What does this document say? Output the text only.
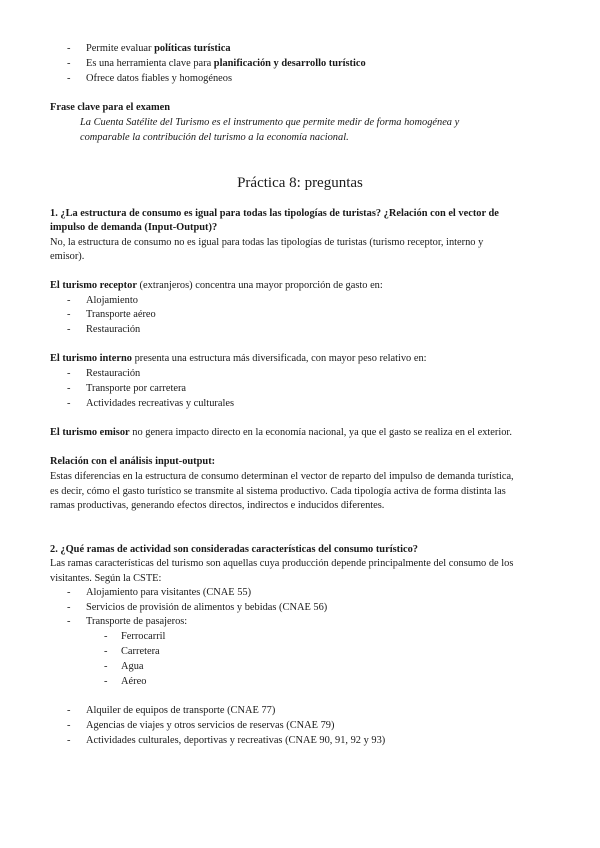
- Permite evaluar políticas turística
- Es una herramienta clave para planificación y desarrollo turístico
- Ofrece datos fiables y homogéneos
Frase clave para el examen
La Cuenta Satélite del Turismo es el instrumento que permite medir de forma homogénea y
comparable la contribución del turismo a la economía nacional.
Práctica 8: preguntas
1. ¿La estructura de consumo es igual para todas las tipologías de turistas? ¿Relación con el vector de
impulso de demanda (Input-Output)?
No, la estructura de consumo no es igual para todas las tipologías de turistas (turismo receptor, interno y
emisor).
El turismo receptor (extranjeros) concentra una mayor proporción de gasto en:
- Alojamiento
- Transporte aéreo
- Restauración
El turismo interno presenta una estructura más diversificada, con mayor peso relativo en:
- Restauración
- Transporte por carretera
- Actividades recreativas y culturales
El turismo emisor no genera impacto directo en la economía nacional, ya que el gasto se realiza en el exterior.
Relación con el análisis input-output:
Estas diferencias en la estructura de consumo determinan el vector de reparto del impulso de demanda turística,
es decir, cómo el gasto turístico se transmite al sistema productivo. Cada tipología activa de forma distinta las
ramas productivas, generando efectos directos, indirectos e inducidos diferentes.
2. ¿Qué ramas de actividad son consideradas características del consumo turístico?
Las ramas características del turismo son aquellas cuya producción depende principalmente del consumo de los
visitantes. Según la CSTE:
- Alojamiento para visitantes (CNAE 55)
- Servicios de provisión de alimentos y bebidas (CNAE 56)
- Transporte de pasajeros:
- Ferrocarril
- Carretera
- Agua
- Aéreo
- Alquiler de equipos de transporte (CNAE 77)
- Agencias de viajes y otros servicios de reservas (CNAE 79)
- Actividades culturales, deportivas y recreativas (CNAE 90, 91, 92 y 93)
